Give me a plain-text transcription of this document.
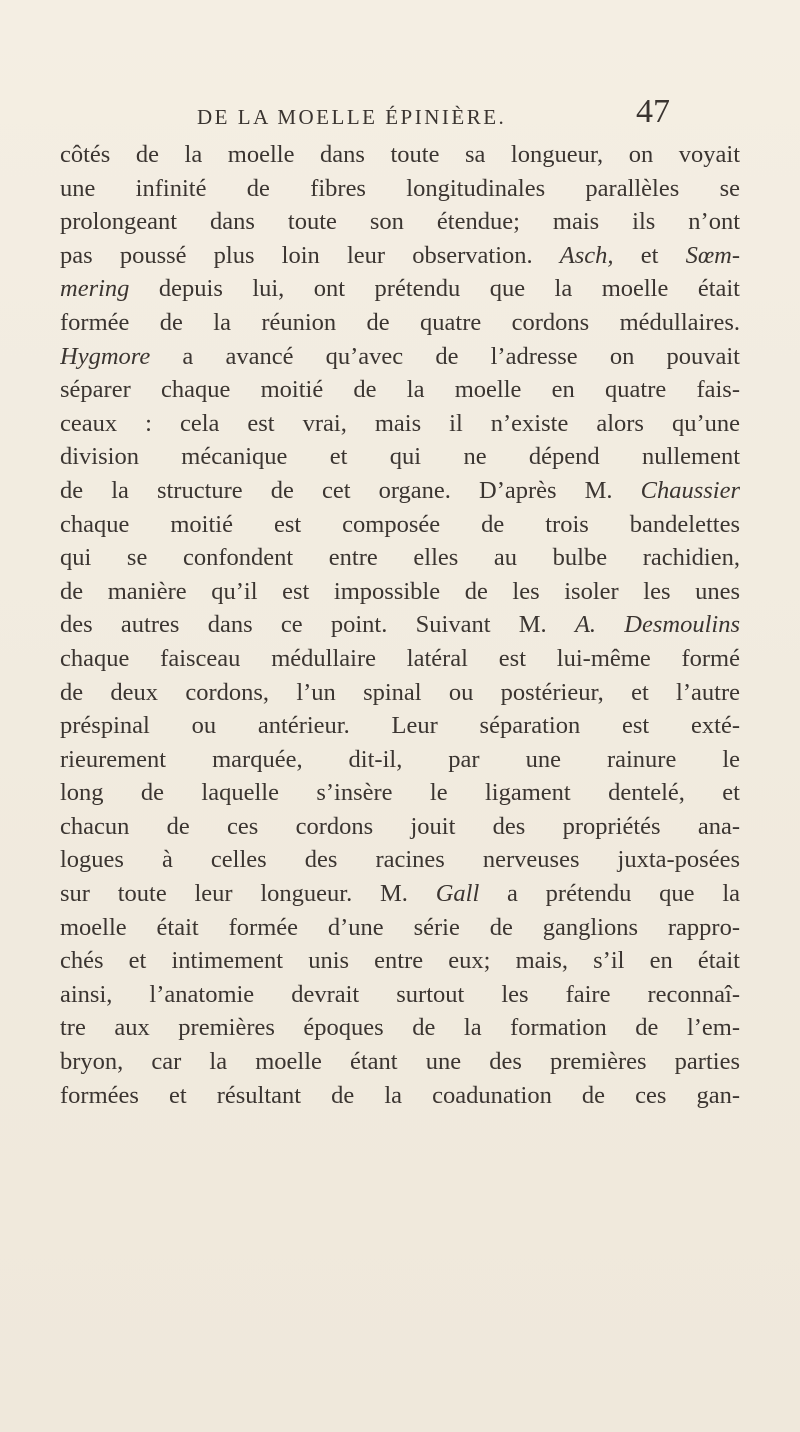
DE LA MOELLE ÉPINIÈRE.	47
côtés de la moelle dans toute sa longueur, on voyait
une infinité de fibres longitudinales parallèles se
prolongeant dans toute son étendue; mais ils n’ont
pas poussé plus loin leur observation. Asch, et Sœm-
mering depuis lui, ont prétendu que la moelle était
formée de la réunion de quatre cordons médullaires.
Hygmore a avancé qu’avec de l’adresse on pouvait
séparer chaque moitié de la moelle en quatre fais-
ceaux : cela est vrai, mais il n’existe alors qu’une
division mécanique et qui ne dépend nullement
de la structure de cet organe. D’après M. Chaussier
chaque moitié est composée de trois bandelettes
qui se confondent entre elles au bulbe rachidien,
de manière qu’il est impossible de les isoler les unes
des autres dans ce point. Suivant M. A. Desmoulins
chaque faisceau médullaire latéral est lui-même formé
de deux cordons, l’un spinal ou postérieur, et l’autre
préspinal ou antérieur. Leur séparation est exté-
rieurement marquée, dit-il, par une rainure le
long de laquelle s’insère le ligament dentelé, et
chacun de ces cordons jouit des propriétés ana-
logues à celles des racines nerveuses juxta-posées
sur toute leur longueur. M. Gall a prétendu que la
moelle était formée d’une série de ganglions rappro-
chés et intimement unis entre eux; mais, s’il en était
ainsi, l’anatomie devrait surtout les faire reconnaî-
tre aux premières époques de la formation de l’em-
bryon, car la moelle étant une des premières parties
formées et résultant de la coadunation de ces gan-
